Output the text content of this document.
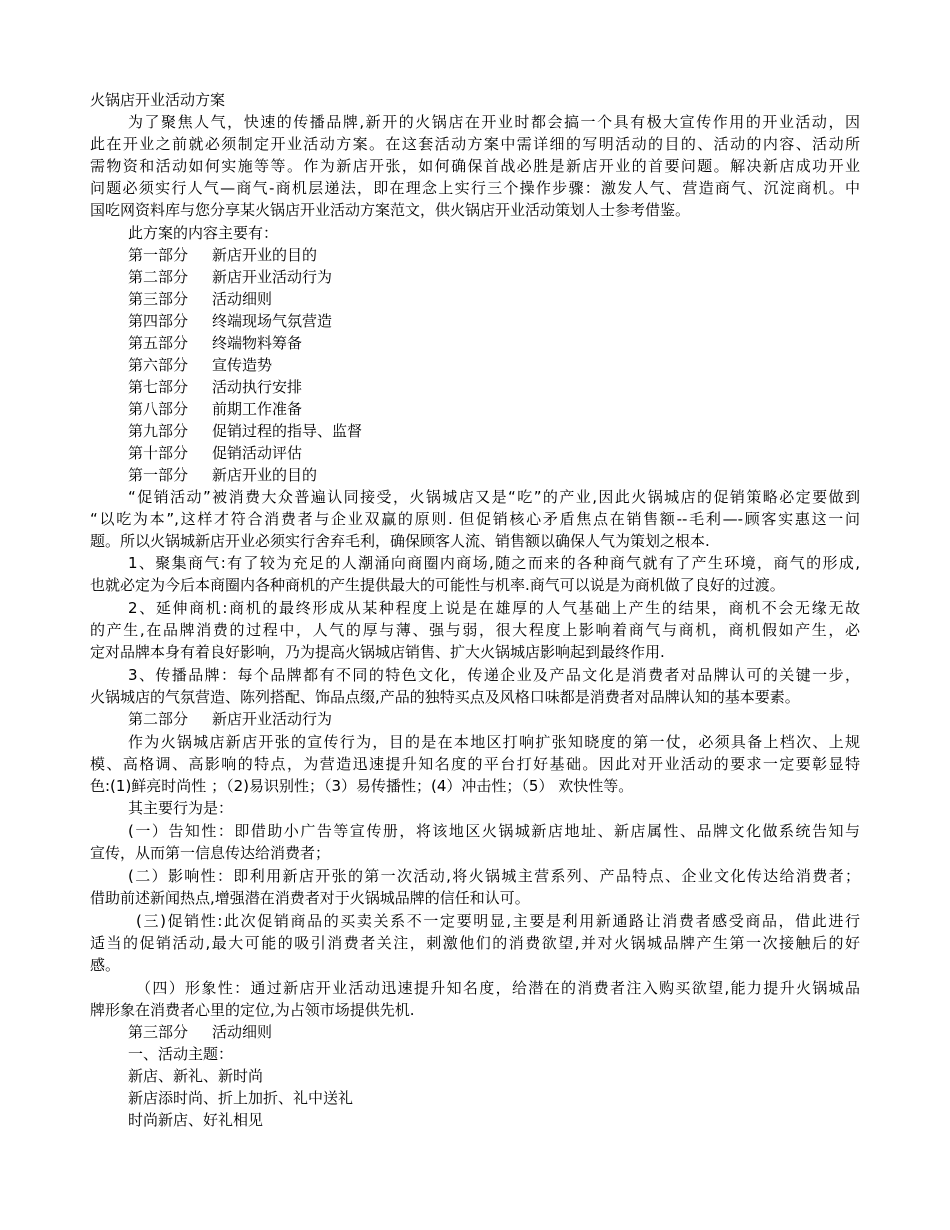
火锅店开业活动方案
为了聚焦人气，快速的传播品牌,新开的火锅店在开业时都会搞一个具有极大宣传作用的开业活动，因
此在开业之前就必须制定开业活动方案。在这套活动方案中需详细的写明活动的目的、活动的内容、活动所
需物资和活动如何实施等等。作为新店开张，如何确保首战必胜是新店开业的首要问题。解决新店成功开业
问题必须实行人气—商气-商机层递法，即在理念上实行三个操作步骤：激发人气、营造商气、沉淀商机。中
国吃网资料库与您分享某火锅店开业活动方案范文，供火锅店开业活动策划人士参考借鉴。
此方案的内容主要有：
第一部分 新店开业的目的
第二部分 新店开业活动行为
第三部分 活动细则
第四部分 终端现场气氛营造
第五部分 终端物料筹备
第六部分 宣传造势
第七部分 活动执行安排
第八部分 前期工作准备
第九部分 促销过程的指导、监督
第十部分 促销活动评估
第一部分 新店开业的目的
“促销活动”被消费大众普遍认同接受，火锅城店又是“吃”的产业,因此火锅城店的促销策略必定要做到
“以吃为本”,这样才符合消费者与企业双赢的原则. 但促销核心矛盾焦点在销售额--毛利—-顾客实惠这一问
题。所以火锅城新店开业必须实行舍弃毛利，确保顾客人流、销售额以确保人气为策划之根本.
1、聚集商气:有了较为充足的人潮涌向商圈内商场,随之而来的各种商气就有了产生环境，商气的形成,
也就必定为今后本商圈内各种商机的产生提供最大的可能性与机率.商气可以说是为商机做了良好的过渡。
2、延伸商机:商机的最终形成从某种程度上说是在雄厚的人气基础上产生的结果，商机不会无缘无故
的产生,在品牌消费的过程中，人气的厚与薄、强与弱，很大程度上影响着商气与商机，商机假如产生，必
定对品牌本身有着良好影响，乃为提高火锅城店销售、扩大火锅城店影响起到最终作用.
3、传播品牌：每个品牌都有不同的特色文化，传递企业及产品文化是消费者对品牌认可的关键一步，
火锅城店的气氛营造、陈列搭配、饰品点缀,产品的独特买点及风格口味都是消费者对品牌认知的基本要素。
第二部分 新店开业活动行为
作为火锅城店新店开张的宣传行为，目的是在本地区打响扩张知晓度的第一仗，必须具备上档次、上规
模、高格调、高影响的特点，为营造迅速提升知名度的平台打好基础。因此对开业活动的要求一定要彰显特
色:(1)鲜亮时尚性 ；（2)易识别性；（3）易传播性；(4）冲击性；（5） 欢快性等。
其主要行为是：
(一）告知性：即借助小广告等宣传册，将该地区火锅城新店地址、新店属性、品牌文化做系统告知与
宣传，从而第一信息传达给消费者；
(二）影响性：即利用新店开张的第一次活动,将火锅城主营系列、产品特点、企业文化传达给消费者；
借助前述新闻热点,增强潜在消费者对于火锅城品牌的信任和认可。
(三)促销性:此次促销商品的买卖关系不一定要明显,主要是利用新通路让消费者感受商品，借此进行
适当的促销活动,最大可能的吸引消费者关注，刺激他们的消费欲望,并对火锅城品牌产生第一次接触后的好
感。
（四）形象性：通过新店开业活动迅速提升知名度，给潜在的消费者注入购买欲望,能力提升火锅城品
牌形象在消费者心里的定位,为占领市场提供先机.
第三部分 活动细则
一、活动主题：
新店、新礼、新时尚
新店添时尚、折上加折、礼中送礼
时尚新店、好礼相见
